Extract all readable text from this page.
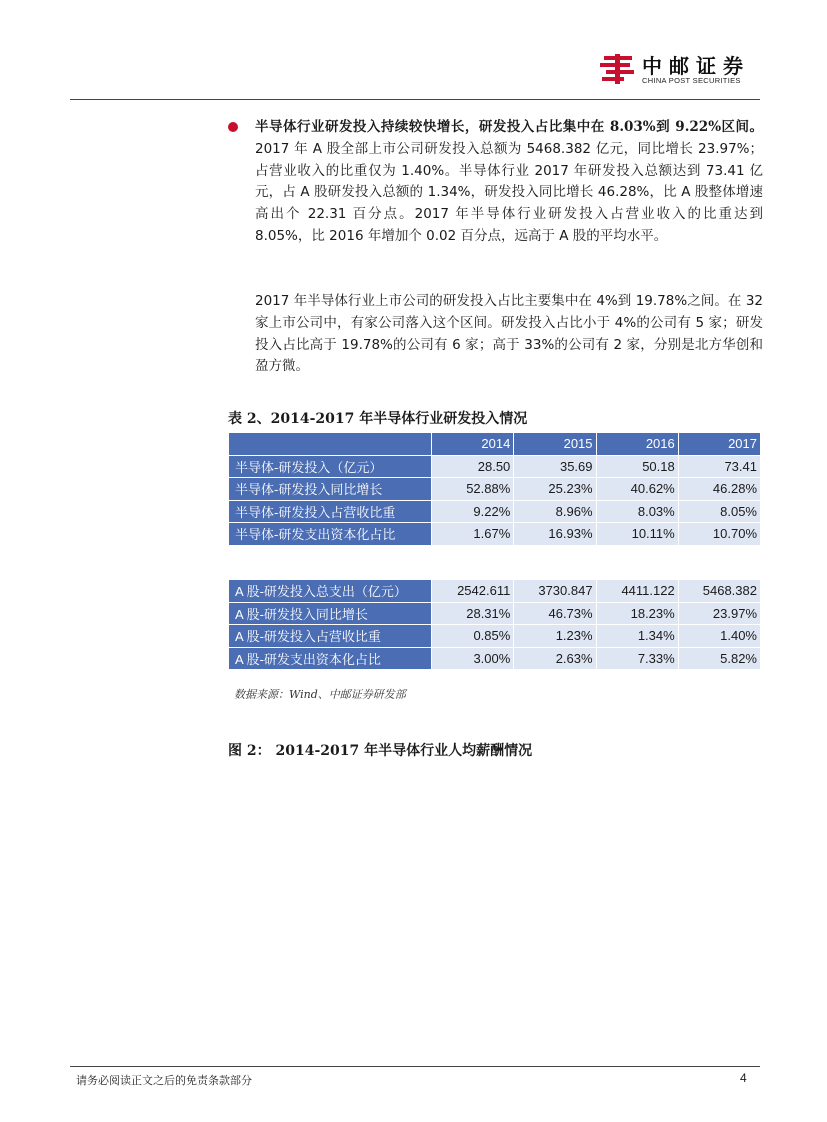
中邮证券
CHINA POST SECURITIES
半导体行业研发投入持续较快增长，研发投入占比集中在 8.03%到 9.22%区间。2017 年 A 股全部上市公司研发投入总额为 5468.382 亿元，同比增长 23.97%；占营业收入的比重仅为 1.40%。半导体行业 2017 年研发投入总额达到 73.41 亿元，占 A 股研发投入总额的 1.34%，研发投入同比增长 46.28%，比 A 股整体增速高出个 22.31 百分点。2017 年半导体行业研发投入占营业收入的比重达到 8.05%，比 2016 年增加个 0.02 百分点，远高于 A 股的平均水平。
2017 年半导体行业上市公司的研发投入占比主要集中在 4%到 19.78%之间。在 32 家上市公司中，有家公司落入这个区间。研发投入占比小于 4%的公司有 5 家；研发投入占比高于 19.78%的公司有 6 家；高于 33%的公司有 2 家，分别是北方华创和盈方微。
表 2、2014-2017 年半导体行业研发投入情况
	2014	2015	2016	2017
半导体-研发投入（亿元）	28.50	35.69	50.18	73.41
半导体-研发投入同比增长	52.88%	25.23%	40.62%	46.28%
半导体-研发投入占营收比重	9.22%	8.96%	8.03%	8.05%
半导体-研发支出资本化占比	1.67%	16.93%	10.11%	10.70%
A 股-研发投入总支出（亿元）	2542.611	3730.847	4411.122	5468.382
A 股-研发投入同比增长	28.31%	46.73%	18.23%	23.97%
A 股-研发投入占营收比重	0.85%	1.23%	1.34%	1.40%
A 股-研发支出资本化占比	3.00%	2.63%	7.33%	5.82%
数据来源：Wind、中邮证券研发部
图 2： 2014-2017 年半导体行业人均薪酬情况
请务必阅读正文之后的免责条款部分	4
